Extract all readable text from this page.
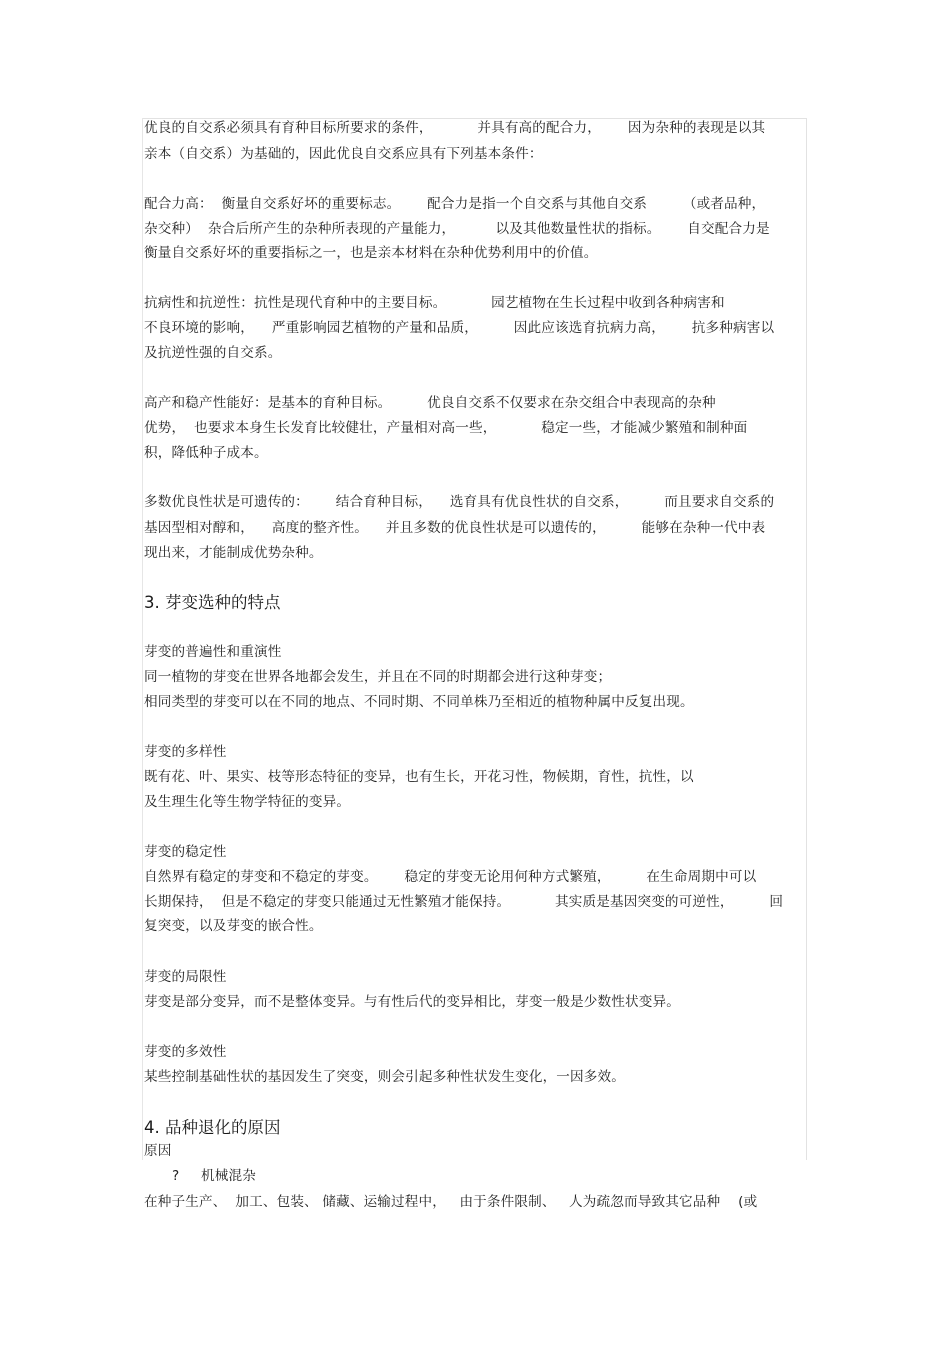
优良的自交系必须具有育种目标所要求的条件，          并具有高的配合力，      因为杂种的表现是以其
亲本（自交系）为基础的，因此优良自交系应具有下列基本条件：
配合力高：  衡量自交系好坏的重要标志。      配合力是指一个自交系与其他自交系        （或者品种，
杂交种）  杂合后所产生的杂种所表现的产量能力，         以及其他数量性状的指标。      自交配合力是
衡量自交系好坏的重要指标之一，也是亲本材料在杂种优势利用中的价值。
抗病性和抗逆性：抗性是现代育种中的主要目标。          园艺植物在生长过程中收到各种病害和
不良环境的影响，    严重影响园艺植物的产量和品质，        因此应该选育抗病力高，      抗多种病害以
及抗逆性强的自交系。
高产和稳产性能好：是基本的育种目标。        优良自交系不仅要求在杂交组合中表现高的杂种
优势，  也要求本身生长发育比较健壮，产量相对高一些，          稳定一些，才能减少繁殖和制种面
积，降低种子成本。
多数优良性状是可遗传的：      结合育种目标，    选育具有优良性状的自交系，        而且要求自交系的
基因型相对醇和，    高度的整齐性。    并且多数的优良性状是可以遗传的，        能够在杂种一代中表
现出来，才能制成优势杂种。
3. 芽变选种的特点
芽变的普遍性和重演性
同一植物的芽变在世界各地都会发生，并且在不同的时期都会进行这种芽变；
相同类型的芽变可以在不同的地点、不同时期、不同单株乃至相近的植物种属中反复出现。
芽变的多样性
既有花、叶、果实、枝等形态特征的变异，也有生长，开花习性，物候期，育性，抗性，以
及生理生化等生物学特征的变异。
芽变的稳定性
自然界有稳定的芽变和不稳定的芽变。      稳定的芽变无论用何种方式繁殖，        在生命周期中可以
长期保持，  但是不稳定的芽变只能通过无性繁殖才能保持。          其实质是基因突变的可逆性，        回
复突变，以及芽变的嵌合性。
芽变的局限性
芽变是部分变异，而不是整体变异。与有性后代的变异相比，芽变一般是少数性状变异。
芽变的多效性
某些控制基础性状的基因发生了突变，则会引起多种性状发生变化，一因多效。
4. 品种退化的原因
原因
? 机械混杂
在种子生产、  加工、包装、 储藏、运输过程中，   由于条件限制、   人为疏忽而导致其它品种    (或
